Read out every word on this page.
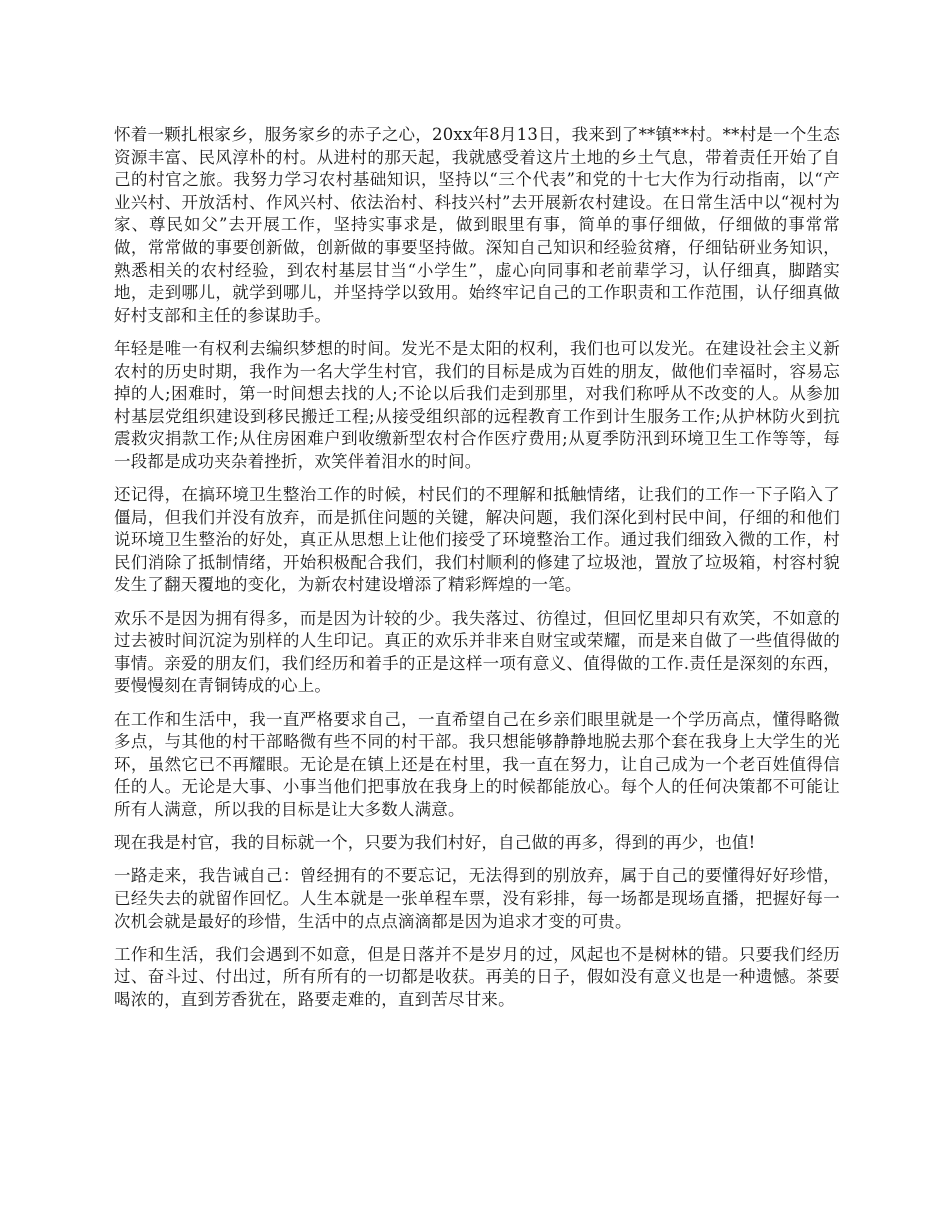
怀着一颗扎根家乡，服务家乡的赤子之心，20xx年8月13日，我来到了**镇**村。**村是一个生态资源丰富、民风淳朴的村。从进村的那天起，我就感受着这片土地的乡土气息，带着责任开始了自己的村官之旅。我努力学习农村基础知识，坚持以“三个代表”和党的十七大作为行动指南，以“产业兴村、开放活村、作风兴村、依法治村、科技兴村”去开展新农村建设。在日常生活中以“视村为家、尊民如父”去开展工作，坚持实事求是，做到眼里有事，简单的事仔细做，仔细做的事常常做，常常做的事要创新做，创新做的事要坚持做。深知自己知识和经验贫瘠，仔细钻研业务知识，熟悉相关的农村经验，到农村基层甘当“小学生”，虚心向同事和老前辈学习，认仔细真，脚踏实地，走到哪儿，就学到哪儿，并坚持学以致用。始终牢记自己的工作职责和工作范围，认仔细真做好村支部和主任的参谋助手。

年轻是唯一有权利去编织梦想的时间。发光不是太阳的权利，我们也可以发光。在建设社会主义新农村的历史时期，我作为一名大学生村官，我们的目标是成为百姓的朋友，做他们幸福时，容易忘掉的人;困难时，第一时间想去找的人;不论以后我们走到那里，对我们称呼从不改变的人。从参加村基层党组织建设到移民搬迁工程;从接受组织部的远程教育工作到计生服务工作;从护林防火到抗震救灾捐款工作;从住房困难户到收缴新型农村合作医疗费用;从夏季防汛到环境卫生工作等等，每一段都是成功夹杂着挫折，欢笑伴着泪水的时间。

还记得，在搞环境卫生整治工作的时候，村民们的不理解和抵触情绪，让我们的工作一下子陷入了僵局，但我们并没有放弃，而是抓住问题的关键，解决问题，我们深化到村民中间，仔细的和他们说环境卫生整治的好处，真正从思想上让他们接受了环境整治工作。通过我们细致入微的工作，村民们消除了抵制情绪，开始积极配合我们，我们村顺利的修建了垃圾池，置放了垃圾箱，村容村貌发生了翻天覆地的变化，为新农村建设增添了精彩辉煌的一笔。

欢乐不是因为拥有得多，而是因为计较的少。我失落过、彷徨过，但回忆里却只有欢笑，不如意的过去被时间沉淀为别样的人生印记。真正的欢乐并非来自财宝或荣耀，而是来自做了一些值得做的事情。亲爱的朋友们，我们经历和着手的正是这样一项有意义、值得做的工作.责任是深刻的东西，要慢慢刻在青铜铸成的心上。

在工作和生活中，我一直严格要求自己，一直希望自己在乡亲们眼里就是一个学历高点，懂得略微多点，与其他的村干部略微有些不同的村干部。我只想能够静静地脱去那个套在我身上大学生的光环，虽然它已不再耀眼。无论是在镇上还是在村里，我一直在努力，让自己成为一个老百姓值得信任的人。无论是大事、小事当他们把事放在我身上的时候都能放心。每个人的任何决策都不可能让所有人满意，所以我的目标是让大多数人满意。

现在我是村官，我的目标就一个，只要为我们村好，自己做的再多，得到的再少，也值!

一路走来，我告诫自己：曾经拥有的不要忘记，无法得到的别放弃，属于自己的要懂得好好珍惜，已经失去的就留作回忆。人生本就是一张单程车票，没有彩排，每一场都是现场直播，把握好每一次机会就是最好的珍惜，生活中的点点滴滴都是因为追求才变的可贵。

工作和生活，我们会遇到不如意，但是日落并不是岁月的过，风起也不是树林的错。只要我们经历过、奋斗过、付出过，所有所有的一切都是收获。再美的日子，假如没有意义也是一种遗憾。茶要喝浓的，直到芳香犹在，路要走难的，直到苦尽甘来。
